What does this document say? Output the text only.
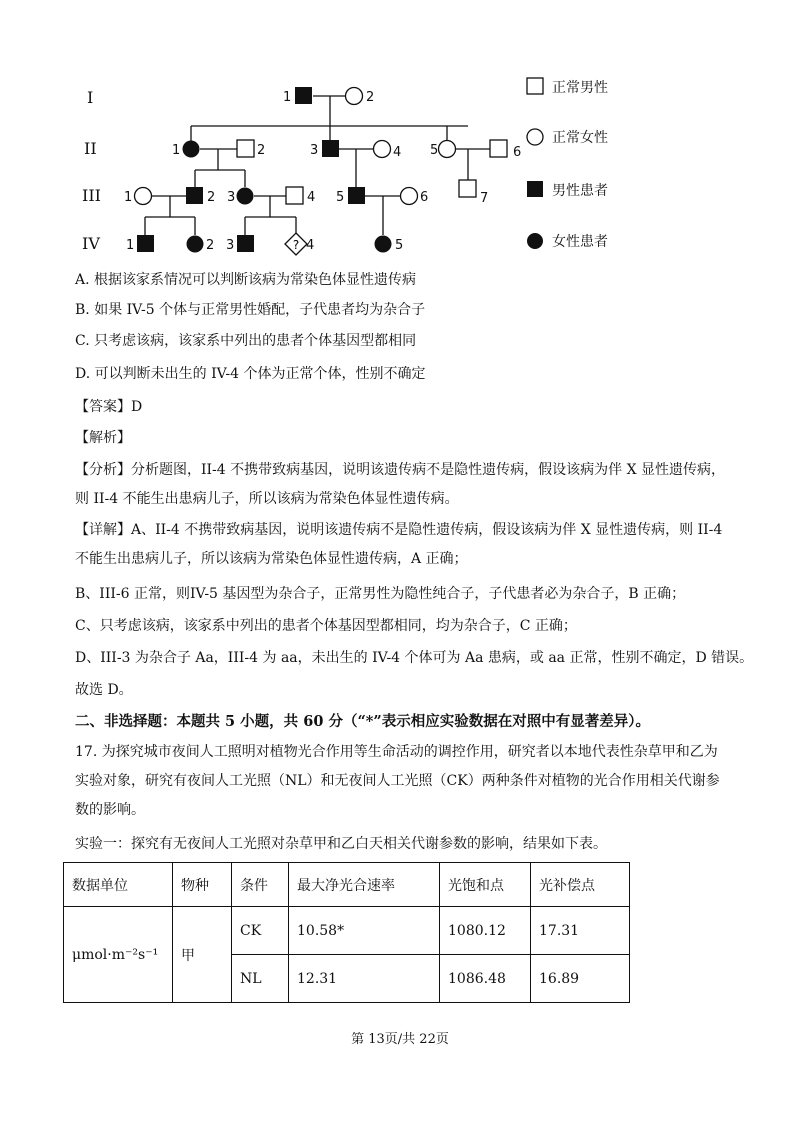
?
I
II
III
IV
1	2
1	2	3	4 5	6
7
1	2 3	4 5	6
1	2 3	4	5
正常男性
正常女性
男性患者
女性患者
A. 根据该家系情况可以判断该病为常染色体显性遗传病
B. 如果 IV-5 个体与正常男性婚配，子代患者均为杂合子
C. 只考虑该病，该家系中列出的患者个体基因型都相同
D. 可以判断未出生的 IV-4 个体为正常个体，性别不确定
【答案】D
【解析】
【分析】分析题图，II-4 不携带致病基因，说明该遗传病不是隐性遗传病，假设该病为伴 X 显性遗传病，则 II-4 不能生出患病儿子，所以该病为常染色体显性遗传病。
【详解】A、II-4 不携带致病基因，说明该遗传病不是隐性遗传病，假设该病为伴 X 显性遗传病，则 II-4 不能生出患病儿子，所以该病为常染色体显性遗传病，A 正确；
B、III-6 正常，则IV-5 基因型为杂合子，正常男性为隐性纯合子，子代患者必为杂合子，B 正确；
C、只考虑该病，该家系中列出的患者个体基因型都相同，均为杂合子，C 正确；
D、III-3 为杂合子 Aa，III-4 为 aa，未出生的 IV-4 个体可为 Aa 患病，或 aa 正常，性别不确定，D 错误。
故选 D。
二、非选择题：本题共 5 小题，共 60 分（“*”表示相应实验数据在对照中有显著差异）。
17. 为探究城市夜间人工照明对植物光合作用等生命活动的调控作用，研究者以本地代表性杂草甲和乙为实验对象，研究有夜间人工光照（NL）和无夜间人工光照（CK）两种条件对植物的光合作用相关代谢参数的影响。
实验一：探究有无夜间人工光照对杂草甲和乙白天相关代谢参数的影响，结果如下表。
数据单位	物种	条件	最大净光合速率	光饱和点	光补偿点
μmol·m⁻²s⁻¹	甲	CK	10.58*	1080.12	17.31
		NL	12.31	1086.48	16.89
第 13页/共 22页
